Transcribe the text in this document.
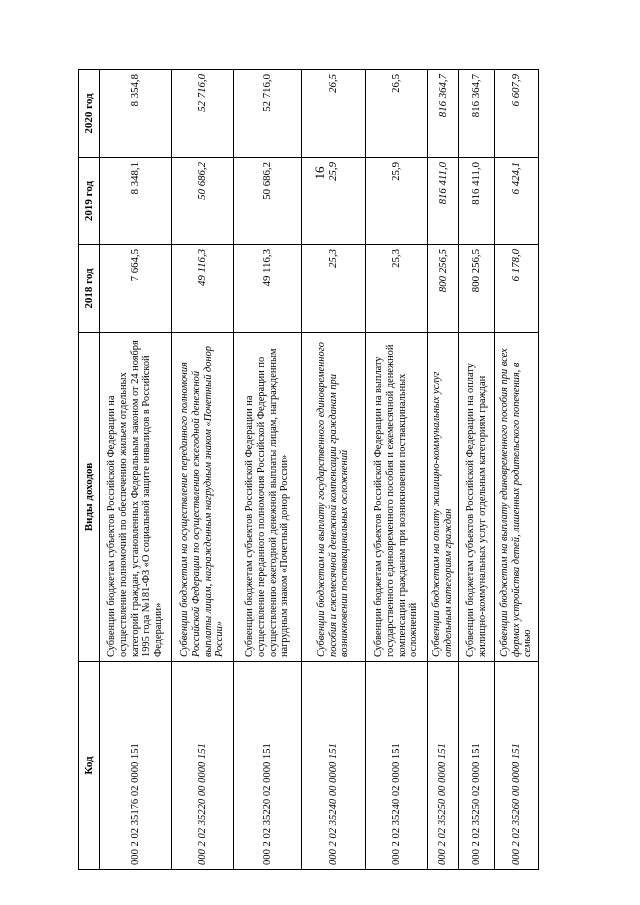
16
Код	Виды доходов	2018 год	2019 год	2020 год
000 2 02 35176 02 0000 151	Субвенции бюджетам субъектов Российской Федерации на осуществление полномочий по обеспечению жильем отдельных категорий граждан, установленных Федеральным законом от 24 ноября 1995 года №181-ФЗ «О социальной защите инвалидов в Российской Федерации»	7 664,5	8 348,1	8 354,8
000 2 02 35220 00 0000 151	Субвенции бюджетам на осуществление переданного полномочия Российской Федерации по осуществлению ежегодной денежной выплаты лицам, награжденным нагрудным знаком «Почетный донор России»	49 116,3	50 686,2	52 716,0
000 2 02 35220 02 0000 151	Субвенции бюджетам субъектов Российской Федерации на осуществление переданного полномочия Российской Федерации по осуществлению ежегодной денежной выплаты лицам, награжденным нагрудным знаком «Почетный донор России»	49 116,3	50 686,2	52 716,0
000 2 02 35240 00 0000 151	Субвенции бюджетам на выплату государственного единовременного пособия и ежемесячной денежной компенсации гражданам при возникновении поствакцинальных осложнений	25,3	25,9	26,5
000 2 02 35240 02 0000 151	Субвенции бюджетам субъектов Российской Федерации на выплату государственного единовременного пособия и ежемесячной денежной компенсации гражданам при возникновении поствакцинальных осложнений	25,3	25,9	26,5
000 2 02 35250 00 0000 151	Субвенции бюджетам на оплату жилищно-коммунальных услуг отдельным категориям граждан	800 256,5	816 411,0	816 364,7
000 2 02 35250 02 0000 151	Субвенции бюджетам субъектов Российской Федерации на оплату жилищно-коммунальных услуг отдельным категориям граждан	800 256,5	816 411,0	816 364,7
000 2 02 35260 00 0000 151	Субвенции бюджетам на выплату единовременного пособия при всех формах устройства детей, лишенных родительского попечения, в семью	6 178,0	6 424,1	6 607,9
